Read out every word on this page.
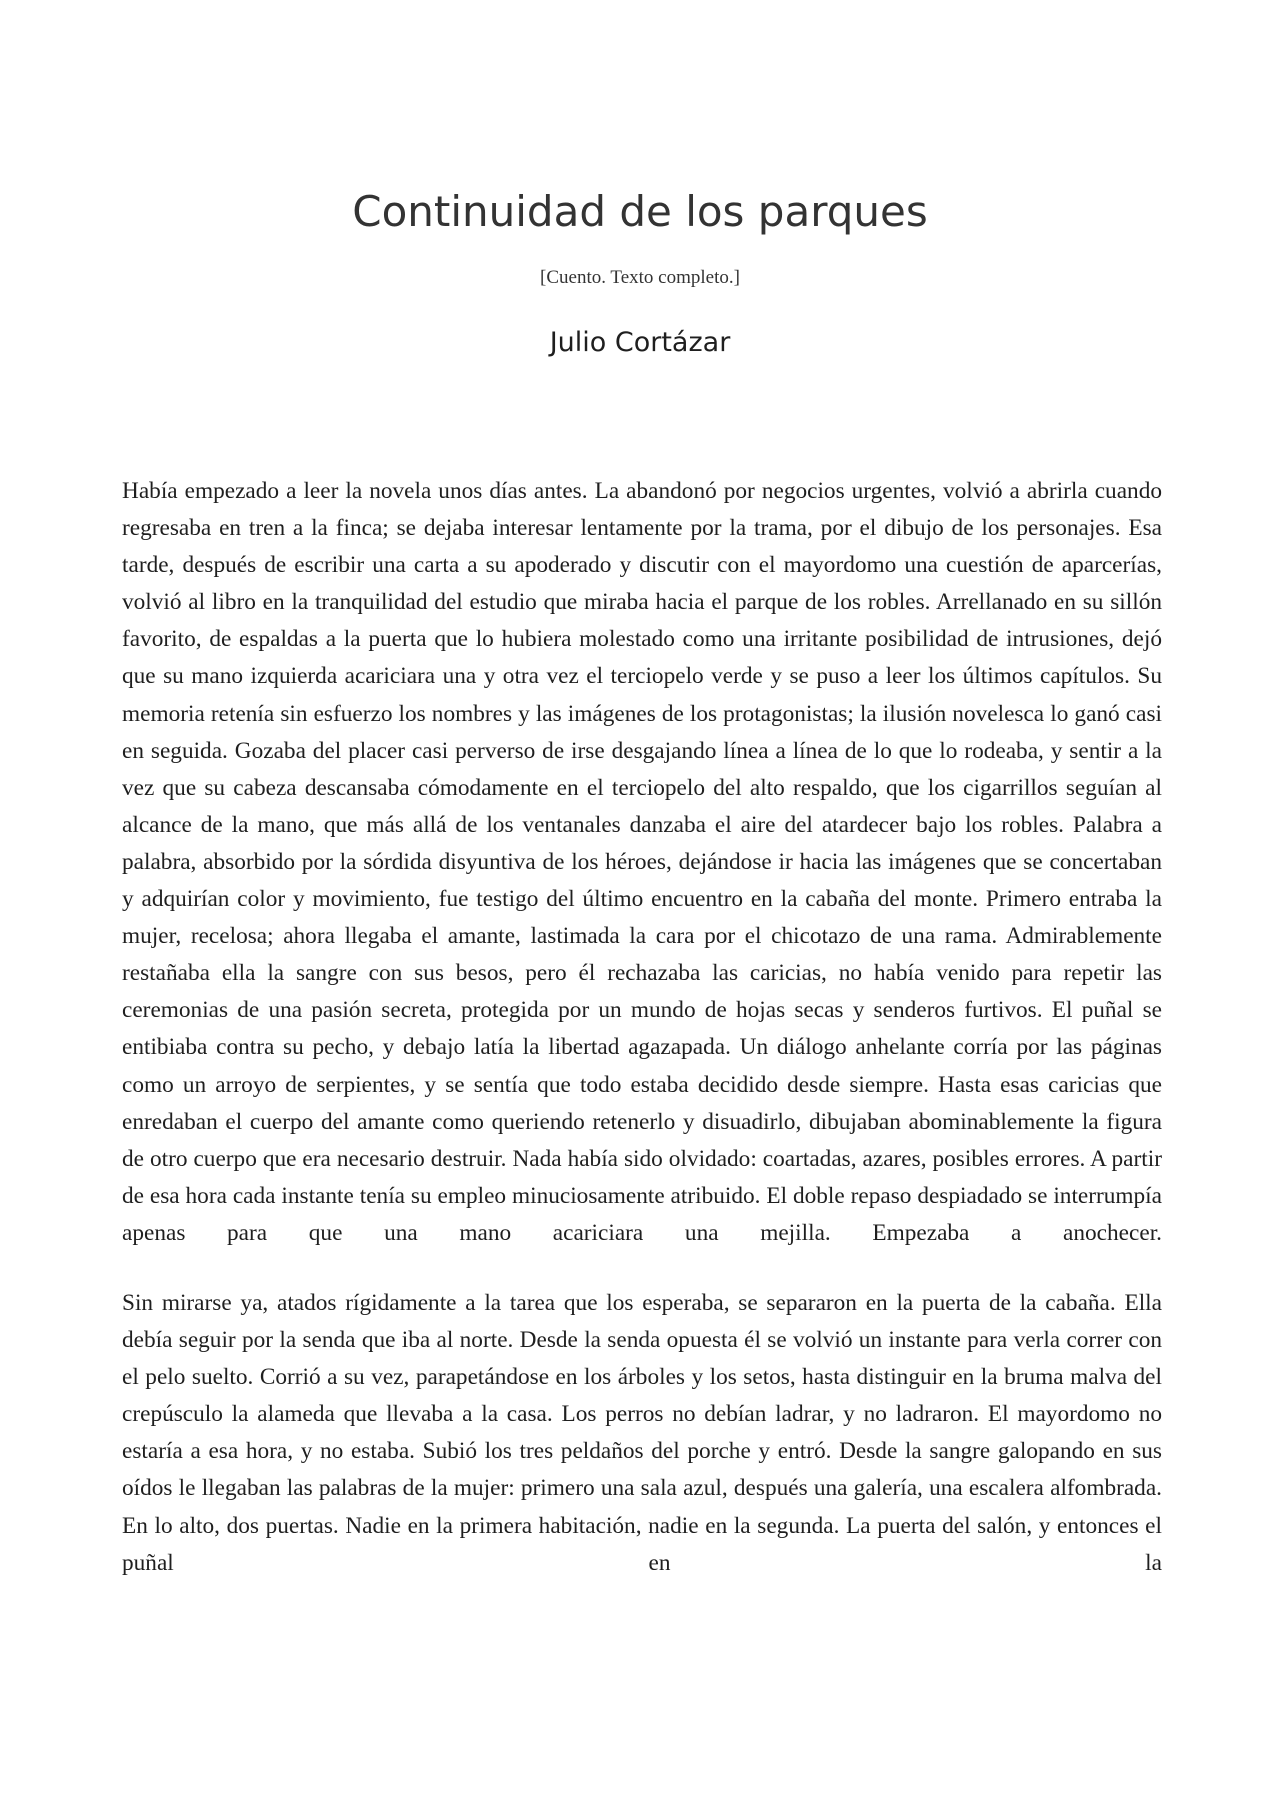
Continuidad de los parques
[Cuento. Texto completo.]
Julio Cortázar

Había empezado a leer la novela unos días antes. La abandonó por negocios urgentes, volvió a abrirla cuando regresaba en tren a la finca; se dejaba interesar lentamente por la trama, por el dibujo de los personajes. Esa tarde, después de escribir una carta a su apoderado y discutir con el mayordomo una cuestión de aparcerías, volvió al libro en la tranquilidad del estudio que miraba hacia el parque de los robles. Arrellanado en su sillón favorito, de espaldas a la puerta que lo hubiera molestado como una irritante posibilidad de intrusiones, dejó que su mano izquierda acariciara una y otra vez el terciopelo verde y se puso a leer los últimos capítulos. Su memoria retenía sin esfuerzo los nombres y las imágenes de los protagonistas; la ilusión novelesca lo ganó casi en seguida. Gozaba del placer casi perverso de irse desgajando línea a línea de lo que lo rodeaba, y sentir a la vez que su cabeza descansaba cómodamente en el terciopelo del alto respaldo, que los cigarrillos seguían al alcance de la mano, que más allá de los ventanales danzaba el aire del atardecer bajo los robles. Palabra a palabra, absorbido por la sórdida disyuntiva de los héroes, dejándose ir hacia las imágenes que se concertaban y adquirían color y movimiento, fue testigo del último encuentro en la cabaña del monte. Primero entraba la mujer, recelosa; ahora llegaba el amante, lastimada la cara por el chicotazo de una rama. Admirablemente restañaba ella la sangre con sus besos, pero él rechazaba las caricias, no había venido para repetir las ceremonias de una pasión secreta, protegida por un mundo de hojas secas y senderos furtivos. El puñal se entibiaba contra su pecho, y debajo latía la libertad agazapada. Un diálogo anhelante corría por las páginas como un arroyo de serpientes, y se sentía que todo estaba decidido desde siempre. Hasta esas caricias que enredaban el cuerpo del amante como queriendo retenerlo y disuadirlo, dibujaban abominablemente la figura de otro cuerpo que era necesario destruir. Nada había sido olvidado: coartadas, azares, posibles errores. A partir de esa hora cada instante tenía su empleo minuciosamente atribuido. El doble repaso despiadado se interrumpía apenas para que una mano acariciara una mejilla. Empezaba a anochecer.

Sin mirarse ya, atados rígidamente a la tarea que los esperaba, se separaron en la puerta de la cabaña. Ella debía seguir por la senda que iba al norte. Desde la senda opuesta él se volvió un instante para verla correr con el pelo suelto. Corrió a su vez, parapetándose en los árboles y los setos, hasta distinguir en la bruma malva del crepúsculo la alameda que llevaba a la casa. Los perros no debían ladrar, y no ladraron. El mayordomo no estaría a esa hora, y no estaba. Subió los tres peldaños del porche y entró. Desde la sangre galopando en sus oídos le llegaban las palabras de la mujer: primero una sala azul, después una galería, una escalera alfombrada. En lo alto, dos puertas. Nadie en la primera habitación, nadie en la segunda. La puerta del salón, y entonces el puñal en la
